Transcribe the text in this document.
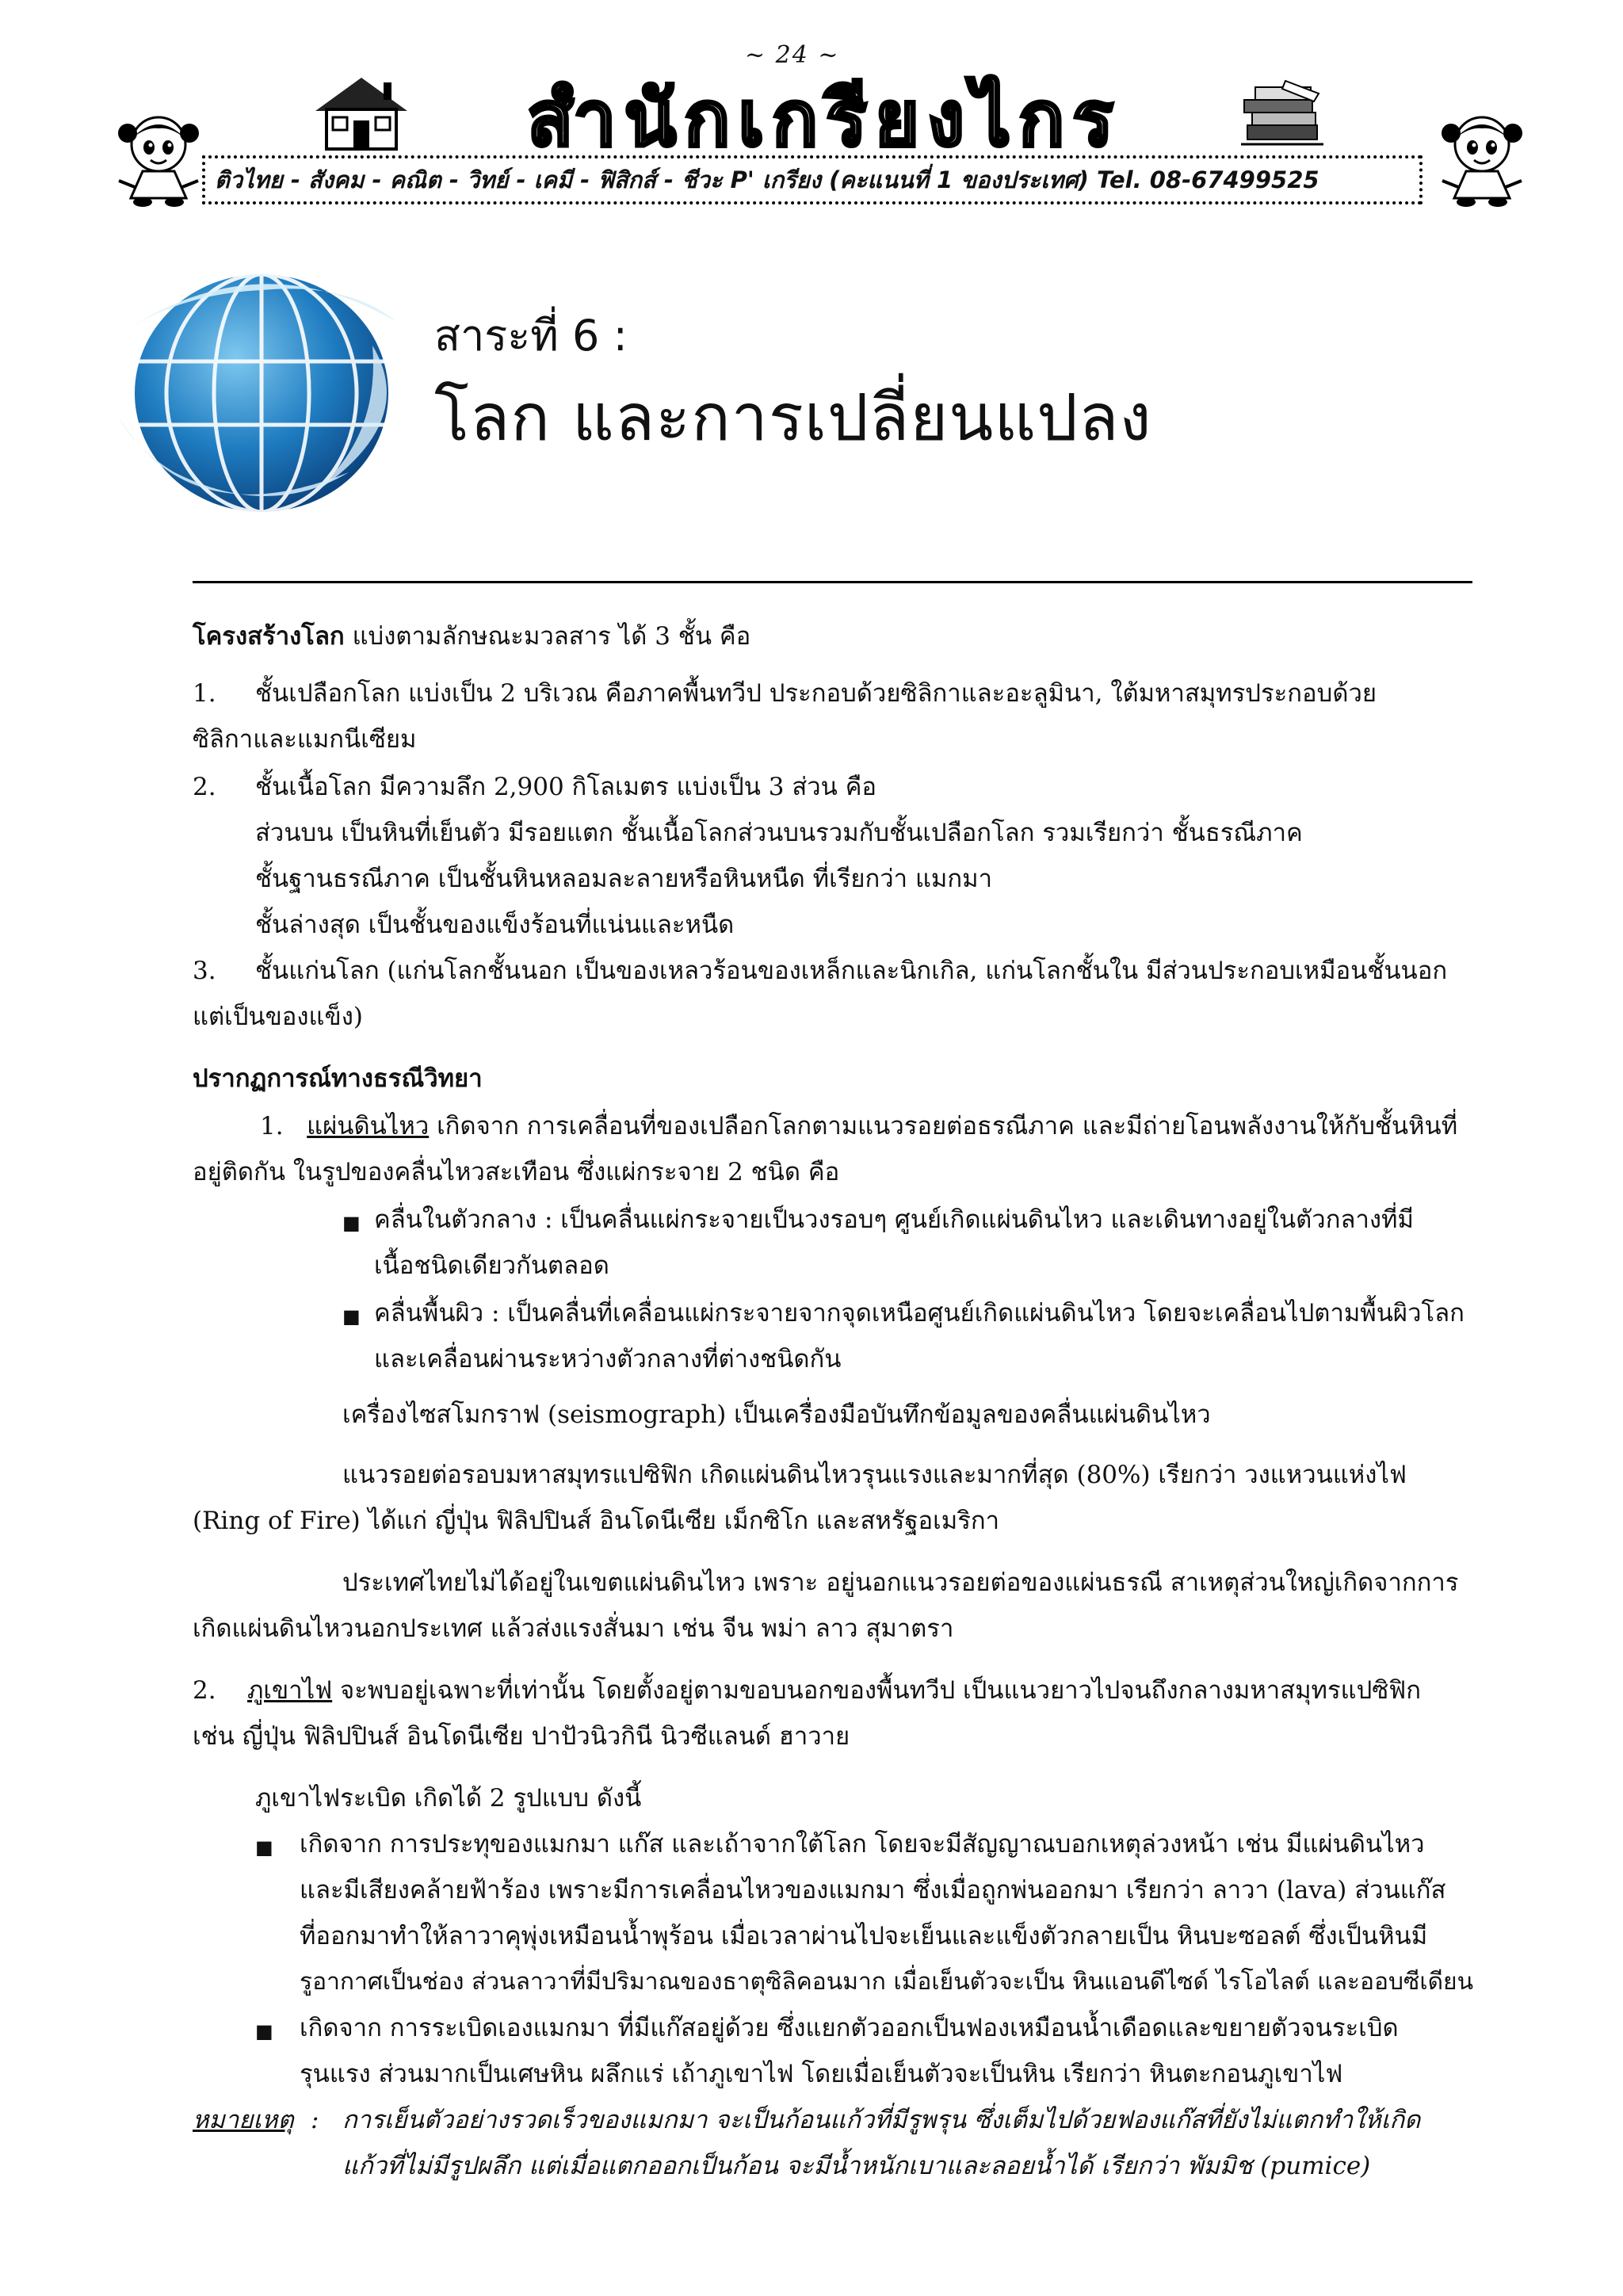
~ 24 ~
สำนักเกรียงไกร
ติวไทย - สังคม - คณิต - วิทย์ - เคมี - ฟิสิกส์ - ชีวะ P' เกรียง (คะแนนที่ 1 ของประเทศ) Tel. 08-67499525
สาระที่ 6 :
โลก และการเปลี่ยนแปลง
โครงสร้างโลก แบ่งตามลักษณะมวลสาร ได้ 3 ชั้น คือ
1. ชั้นเปลือกโลก แบ่งเป็น 2 บริเวณ คือภาคพื้นทวีป ประกอบด้วยซิลิกาและอะลูมินา, ใต้มหาสมุทรประกอบด้วย
ซิลิกาและแมกนีเซียม
2. ชั้นเนื้อโลก มีความลึก 2,900 กิโลเมตร แบ่งเป็น 3 ส่วน คือ
ส่วนบน เป็นหินที่เย็นตัว มีรอยแตก ชั้นเนื้อโลกส่วนบนรวมกับชั้นเปลือกโลก รวมเรียกว่า ชั้นธรณีภาค
ชั้นฐานธรณีภาค เป็นชั้นหินหลอมละลายหรือหินหนืด ที่เรียกว่า แมกมา
ชั้นล่างสุด เป็นชั้นของแข็งร้อนที่แน่นและหนืด
3. ชั้นแก่นโลก (แก่นโลกชั้นนอก เป็นของเหลวร้อนของเหล็กและนิกเกิล, แก่นโลกชั้นใน มีส่วนประกอบเหมือนชั้นนอก
แต่เป็นของแข็ง)
ปรากฏการณ์ทางธรณีวิทยา
1. แผ่นดินไหว เกิดจาก การเคลื่อนที่ของเปลือกโลกตามแนวรอยต่อธรณีภาค และมีถ่ายโอนพลังงานให้กับชั้นหินที่
อยู่ติดกัน ในรูปของคลื่นไหวสะเทือน ซึ่งแผ่กระจาย 2 ชนิด คือ
■ คลื่นในตัวกลาง : เป็นคลื่นแผ่กระจายเป็นวงรอบๆ ศูนย์เกิดแผ่นดินไหว และเดินทางอยู่ในตัวกลางที่มี
เนื้อชนิดเดียวกันตลอด
■ คลื่นพื้นผิว : เป็นคลื่นที่เคลื่อนแผ่กระจายจากจุดเหนือศูนย์เกิดแผ่นดินไหว โดยจะเคลื่อนไปตามพื้นผิวโลก
และเคลื่อนผ่านระหว่างตัวกลางที่ต่างชนิดกัน
เครื่องไซสโมกราฟ (seismograph) เป็นเครื่องมือบันทึกข้อมูลของคลื่นแผ่นดินไหว
แนวรอยต่อรอบมหาสมุทรแปซิฟิก เกิดแผ่นดินไหวรุนแรงและมากที่สุด (80%) เรียกว่า วงแหวนแห่งไฟ
(Ring of Fire) ได้แก่ ญี่ปุ่น ฟิลิปปินส์ อินโดนีเซีย เม็กซิโก และสหรัฐอเมริกา
ประเทศไทยไม่ได้อยู่ในเขตแผ่นดินไหว เพราะ อยู่นอกแนวรอยต่อของแผ่นธรณี สาเหตุส่วนใหญ่เกิดจากการ
เกิดแผ่นดินไหวนอกประเทศ แล้วส่งแรงสั่นมา เช่น จีน พม่า ลาว สุมาตรา
2. ภูเขาไฟ จะพบอยู่เฉพาะที่เท่านั้น โดยตั้งอยู่ตามขอบนอกของพื้นทวีป เป็นแนวยาวไปจนถึงกลางมหาสมุทรแปซิฟิก
เช่น ญี่ปุ่น ฟิลิปปินส์ อินโดนีเซีย ปาปัวนิวกินี นิวซีแลนด์ ฮาวาย
ภูเขาไฟระเบิด เกิดได้ 2 รูปแบบ ดังนี้
■ เกิดจาก การประทุของแมกมา แก๊ส และเถ้าจากใต้โลก โดยจะมีสัญญาณบอกเหตุล่วงหน้า เช่น มีแผ่นดินไหว
และมีเสียงคล้ายฟ้าร้อง เพราะมีการเคลื่อนไหวของแมกมา ซึ่งเมื่อถูกพ่นออกมา เรียกว่า ลาวา (lava) ส่วนแก๊ส
ที่ออกมาทำให้ลาวาคุพุ่งเหมือนน้ำพุร้อน เมื่อเวลาผ่านไปจะเย็นและแข็งตัวกลายเป็น หินบะซอลต์ ซึ่งเป็นหินมี
รูอากาศเป็นช่อง ส่วนลาวาที่มีปริมาณของธาตุซิลิคอนมาก เมื่อเย็นตัวจะเป็น หินแอนดีไซด์ ไรโอไลต์ และออบซีเดียน
■ เกิดจาก การระเบิดเองแมกมา ที่มีแก๊สอยู่ด้วย ซึ่งแยกตัวออกเป็นฟองเหมือนน้ำเดือดและขยายตัวจนระเบิด
รุนแรง ส่วนมากเป็นเศษหิน ผลึกแร่ เถ้าภูเขาไฟ โดยเมื่อเย็นตัวจะเป็นหิน เรียกว่า หินตะกอนภูเขาไฟ
หมายเหตุ : การเย็นตัวอย่างรวดเร็วของแมกมา จะเป็นก้อนแก้วที่มีรูพรุน ซึ่งเต็มไปด้วยฟองแก๊สที่ยังไม่แตกทำให้เกิด
แก้วที่ไม่มีรูปผลึก แต่เมื่อแตกออกเป็นก้อน จะมีน้ำหนักเบาและลอยน้ำได้ เรียกว่า พัมมิช (pumice)
